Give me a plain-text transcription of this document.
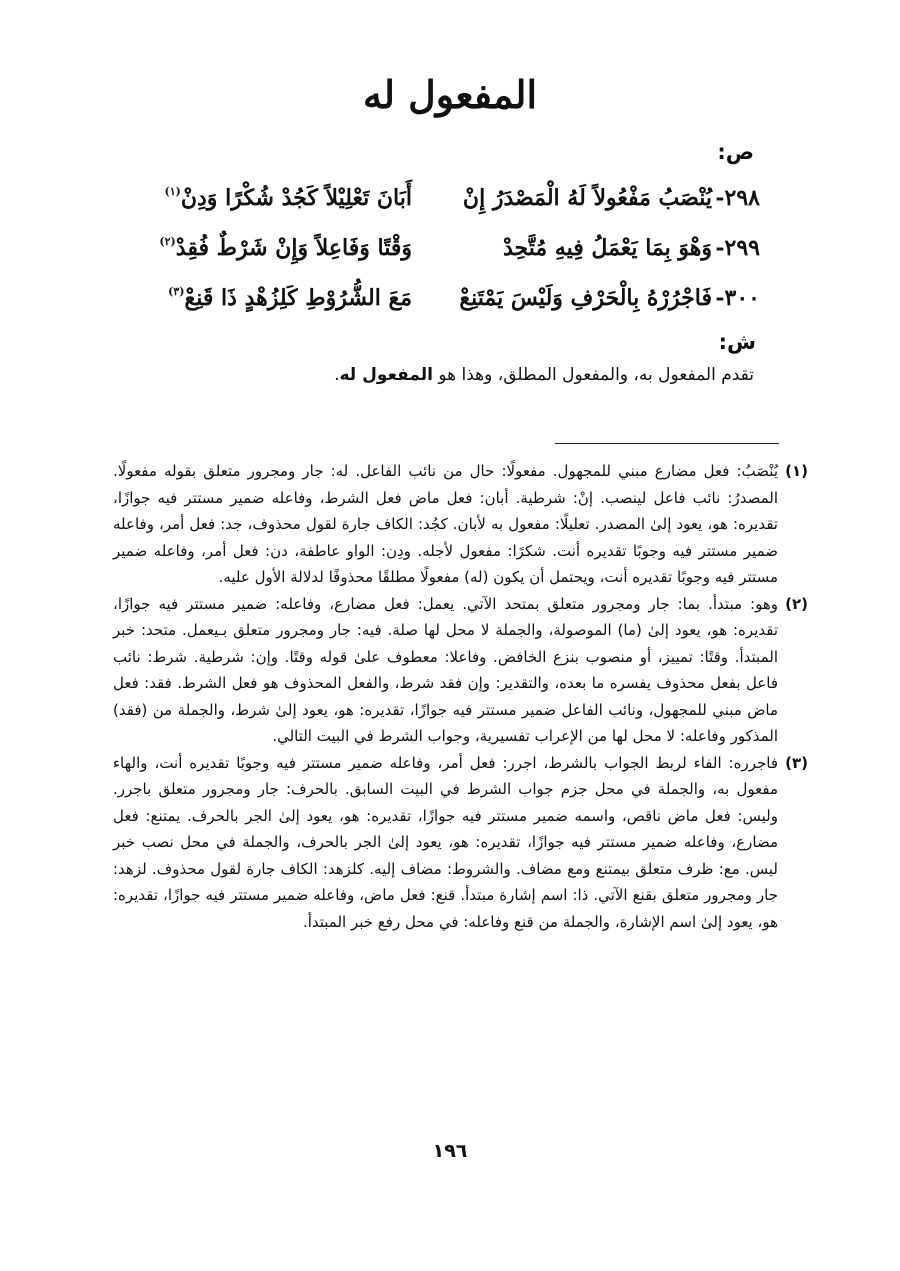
المفعول له
ص:
٢٩٨-يُنْصَبُ مَفْعُولاً لَهُ الْمَصْدَرُ إِنْأَبَانَ تَعْلِيْلاً كَجُدْ شُكْرًا وَدِنْ(١)
٢٩٩-وَهْوَ بِمَا يَعْمَلُ فِيهِ مُتَّحِدْوَقْتًا وَفَاعِلاً وَإِنْ شَرْطٌ فُقِدْ(٢)
٣٠٠-فَاجْرُرْهُ بِالْحَرْفِ وَلَيْسَ يَمْتَنِعْمَعَ الشُّرُوْطِ كَلِزُهْدٍ ذَا قَنِعْ(٣)
ش:
تقدم المفعول به، والمفعول المطلق، وهذا هو المفعول له.

(١)
يُنْصَبُ: فعل مضارع مبني للمجهول. مفعولًا: حال من نائب الفاعل. له: جار ومجرور متعلق بقوله مفعولًا. المصدرُ: نائب فاعل لينصب. إنْ: شرطية. أبان: فعل ماض فعل الشرط، وفاعله ضمير مستتر فيه جوازًا، تقديره: هو، يعود إلىٰ المصدر. تعليلًا: مفعول به لأبان. كجُد: الكاف جارة لقول محذوف، جد: فعل أمر، وفاعله ضمير مستتر فيه وجوبًا تقديره أنت. شكرًا: مفعول لأجله. ودِن: الواو عاطفة، دن: فعل أمر، وفاعله ضمير مستتر فيه وجوبًا تقديره أنت، ويحتمل أن يكون (له) مفعولًا مطلقًا محذوفًا لدلالة الأول عليه.

(٢)
وهو: مبتدأ. بما: جار ومجرور متعلق بمتحد الآتي. يعمل: فعل مضارع، وفاعله: ضمير مستتر فيه جوازًا، تقديره: هو، يعود إلىٰ (ما) الموصولة، والجملة لا محل لها صلة. فيه: جار ومجرور متعلق بـيعمل. متحد: خبر المبتدأ. وقتًا: تمييز، أو منصوب بنزع الخافض. وفاعلا: معطوف علىٰ قوله وقتًا. وإن: شرطية. شرط: نائب فاعل بفعل محذوف يفسره ما بعده، والتقدير: وإن فقد شرط، والفعل المحذوف هو فعل الشرط. فقد: فعل ماض مبني للمجهول، ونائب الفاعل ضمير مستتر فيه جوازًا، تقديره: هو، يعود إلىٰ شرط، والجملة من (فقد) المذكور وفاعله: لا محل لها من الإعراب تفسيرية، وجواب الشرط في البيت التالي.

(٣)
فاجرره: الفاء لربط الجواب بالشرط، اجرر: فعل أمر، وفاعله ضمير مستتر فيه وجوبًا تقديره أنت، والهاء مفعول به، والجملة في محل جزم جواب الشرط في البيت السابق. بالحرف: جار ومجرور متعلق باجرر. وليس: فعل ماض ناقص، واسمه ضمير مستتر فيه جوازًا، تقديره: هو، يعود إلىٰ الجر بالحرف. يمتنع: فعل مضارع، وفاعله ضمير مستتر فيه جوازًا، تقديره: هو، يعود إلىٰ الجر بالحرف، والجملة في محل نصب خبر ليس. مع: ظرف متعلق بيمتنع ومع مضاف. والشروط: مضاف إليه. كلزهد: الكاف جارة لقول محذوف. لزهد: جار ومجرور متعلق بقنع الآتي. ذا: اسم إشارة مبتدأ. قنع: فعل ماض، وفاعله ضمير مستتر فيه جوازًا، تقديره: هو، يعود إلىٰ اسم الإشارة، والجملة من قنع وفاعله: في محل رفع خبر المبتدأ.

١٩٦
